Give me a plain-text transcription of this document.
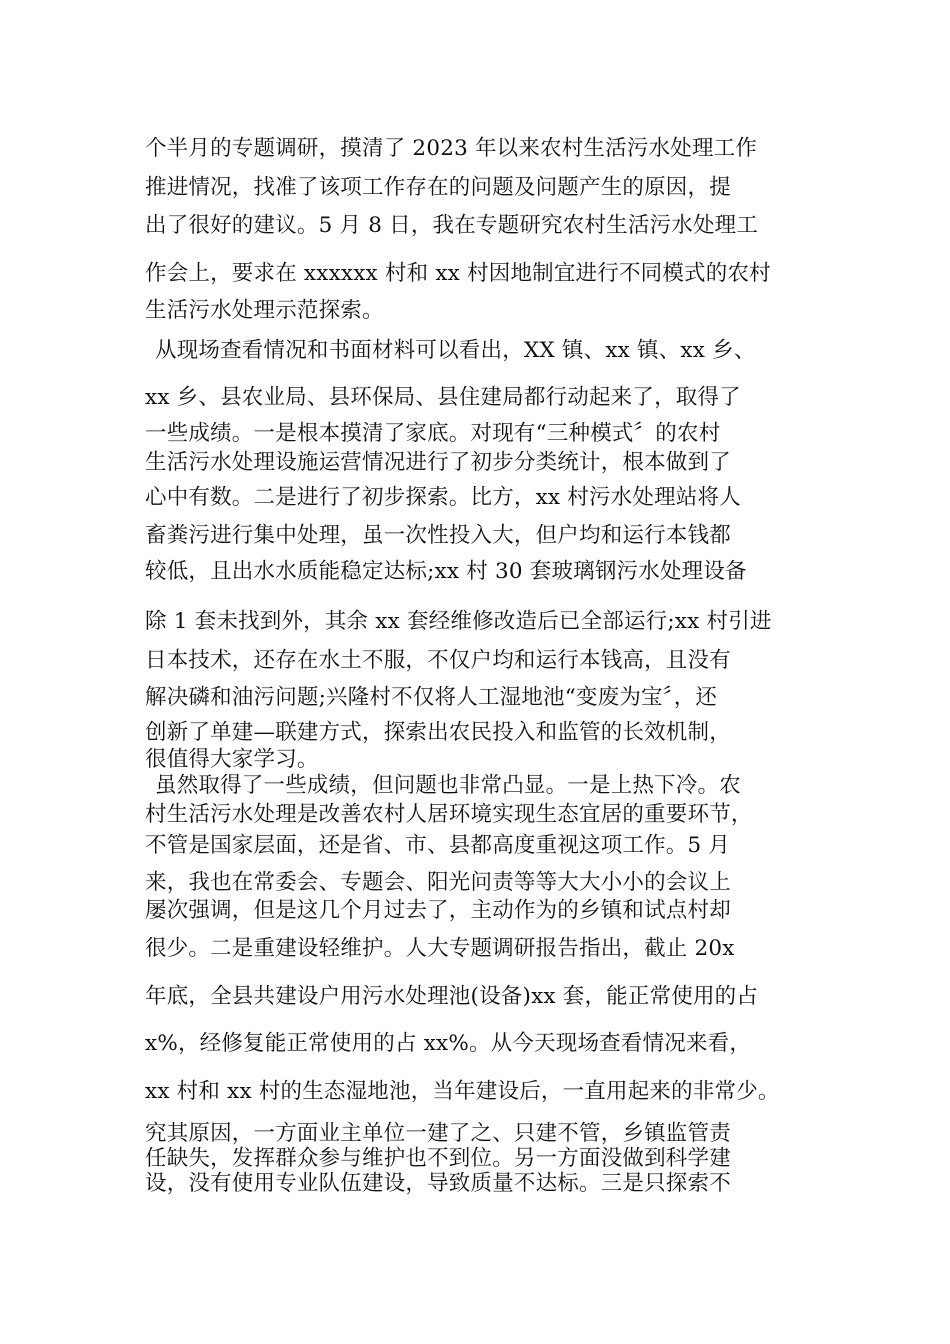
个半月的专题调研，摸清了 2023 年以来农村生活污水处理工作
推进情况，找准了该项工作存在的问题及问题产生的原因，提
出了很好的建议。5 月 8 日，我在专题研究农村生活污水处理工
作会上，要求在 xxxxxx 村和 xx 村因地制宜进行不同模式的农村
生活污水处理示范探索。
从现场查看情况和书面材料可以看出，XX 镇、xx 镇、xx 乡、
xx 乡、县农业局、县环保局、县住建局都行动起来了，取得了
一些成绩。一是根本摸清了家底。对现有“三种模式〞的农村
生活污水处理设施运营情况进行了初步分类统计，根本做到了
心中有数。二是进行了初步探索。比方，xx 村污水处理站将人
畜粪污进行集中处理，虽一次性投入大，但户均和运行本钱都
较低，且出水水质能稳定达标;xx 村 30 套玻璃钢污水处理设备
除 1 套未找到外，其余 xx 套经维修改造后已全部运行;xx 村引进
日本技术，还存在水土不服，不仅户均和运行本钱高，且没有
解决磷和油污问题;兴隆村不仅将人工湿地池“变废为宝〞，还
创新了单建—联建方式，探索出农民投入和监管的长效机制，
很值得大家学习。
虽然取得了一些成绩，但问题也非常凸显。一是上热下冷。农
村生活污水处理是改善农村人居环境实现生态宜居的重要环节，
不管是国家层面，还是省、市、县都高度重视这项工作。5 月
来，我也在常委会、专题会、阳光问责等等大大小小的会议上
屡次强调，但是这几个月过去了，主动作为的乡镇和试点村却
很少。二是重建设轻维护。人大专题调研报告指出，截止 20x
年底，全县共建设户用污水处理池(设备)xx 套，能正常使用的占
x%，经修复能正常使用的占 xx%。从今天现场查看情况来看，
xx 村和 xx 村的生态湿地池，当年建设后，一直用起来的非常少。
究其原因，一方面业主单位一建了之、只建不管，乡镇监管责
任缺失，发挥群众参与维护也不到位。另一方面没做到科学建
设，没有使用专业队伍建设，导致质量不达标。三是只探索不
